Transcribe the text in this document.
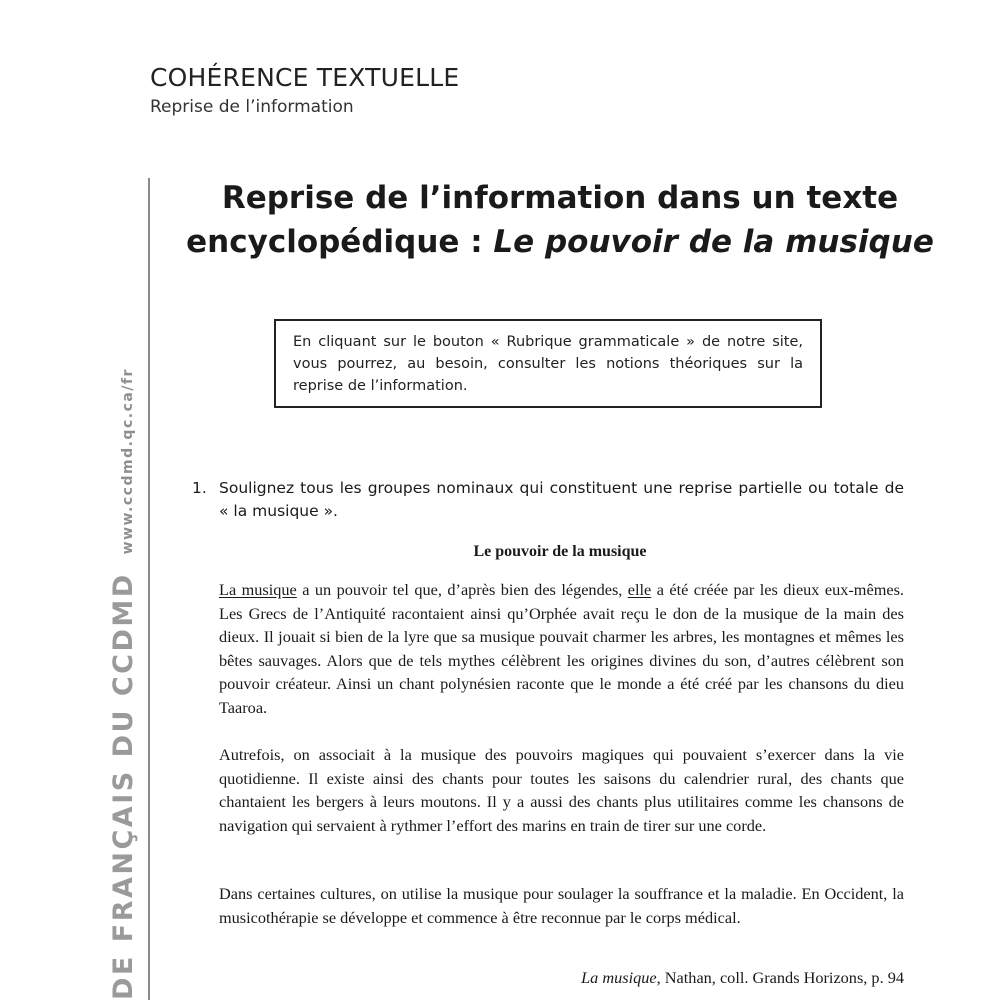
COHÉRENCE TEXTUELLE
Reprise de l’information
DE FRANÇAIS DU CCDMD
www.ccdmd.qc.ca/fr
Reprise de l’information dans un texte
encyclopédique : Le pouvoir de la musique
En cliquant sur le bouton « Rubrique grammaticale » de notre site, vous pourrez, au besoin, consulter les notions théoriques sur la reprise de l’information.
1. Soulignez tous les groupes nominaux qui constituent une reprise partielle ou totale de « la musique ».
Le pouvoir de la musique

La musique a un pouvoir tel que, d’après bien des légendes, elle a été créée par les dieux eux-mêmes. Les Grecs de l’Antiquité racontaient ainsi qu’Orphée avait reçu le don de la musique de la main des dieux. Il jouait si bien de la lyre que sa musique pouvait charmer les arbres, les montagnes et mêmes les bêtes sauvages. Alors que de tels mythes célèbrent les origines divines du son, d’autres célèbrent son pouvoir créateur. Ainsi un chant polynésien raconte que le monde a été créé par les chansons du dieu Taaroa.

Autrefois, on associait à la musique des pouvoirs magiques qui pouvaient s’exercer dans la vie quotidienne. Il existe ainsi des chants pour toutes les saisons du calendrier rural, des chants que chantaient les bergers à leurs moutons. Il y a aussi des chants plus utilitaires comme les chansons de navigation qui servaient à rythmer l’effort des marins en train de tirer sur une corde.

Dans certaines cultures, on utilise la musique pour soulager la souffrance et la maladie. En Occident, la musicothérapie se développe et commence à être reconnue par le corps médical.

La musique, Nathan, coll. Grands Horizons, p. 94
